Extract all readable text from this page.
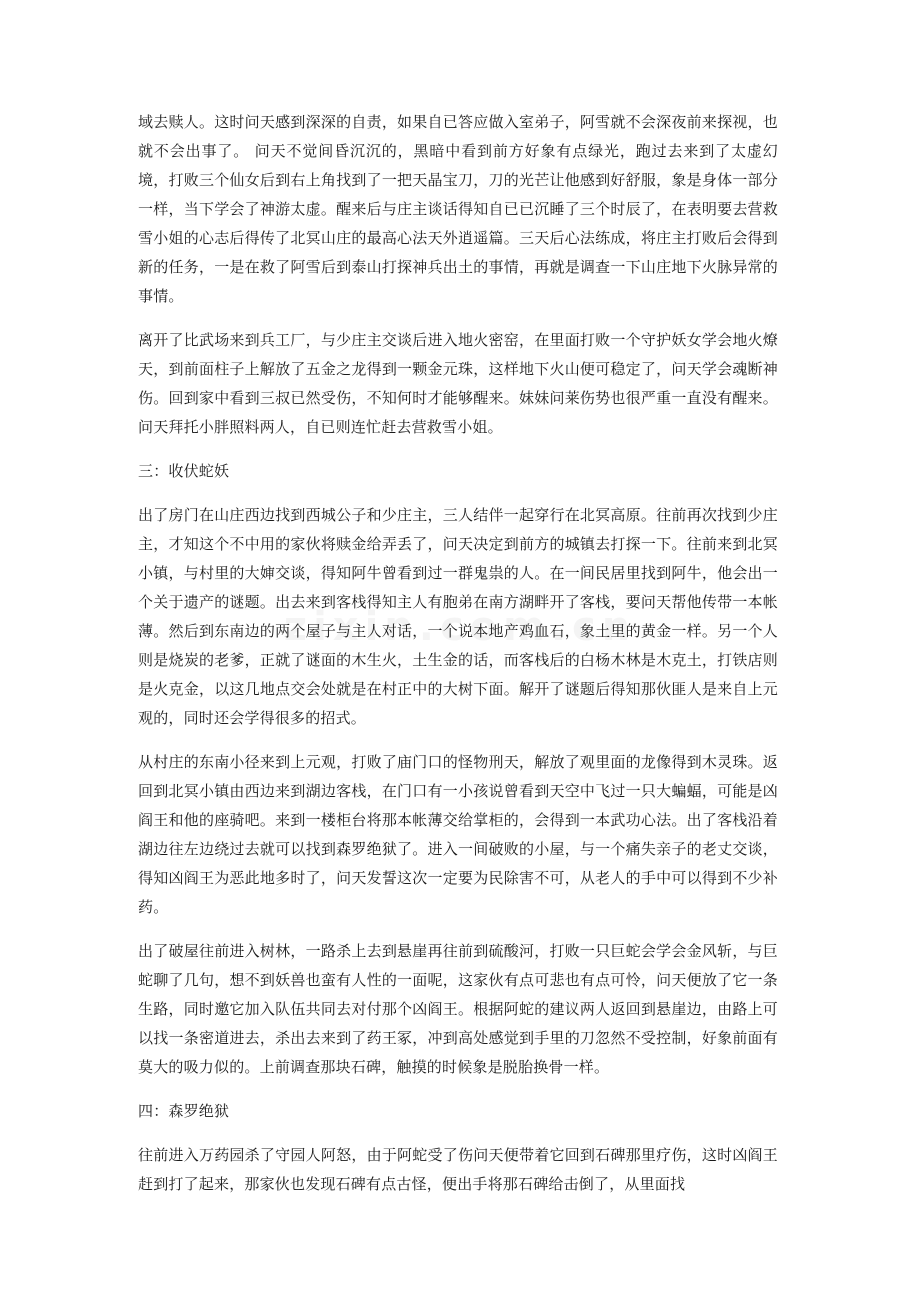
域去赎人。这时问天感到深深的自责，如果自已答应做入室弟子，阿雪就不会深夜前来探视，也就不会出事了。 问天不觉间昏沉沉的，黑暗中看到前方好象有点绿光，跑过去来到了太虚幻境，打败三个仙女后到右上角找到了一把天晶宝刀，刀的光芒让他感到好舒服，象是身体一部分一样，当下学会了神游太虚。醒来后与庄主谈话得知自已已沉睡了三个时辰了，在表明要去营救雪小姐的心志后得传了北冥山庄的最高心法天外逍遥篇。三天后心法练成，将庄主打败后会得到新的任务，一是在救了阿雪后到泰山打探神兵出土的事情，再就是调查一下山庄地下火脉异常的事情。

离开了比武场来到兵工厂，与少庄主交谈后进入地火密窑，在里面打败一个守护妖女学会地火燎天，到前面柱子上解放了五金之龙得到一颗金元珠，这样地下火山便可稳定了，问天学会魂断神伤。回到家中看到三叔已然受伤，不知何时才能够醒来。妹妹问莱伤势也很严重一直没有醒来。问天拜托小胖照料两人，自已则连忙赶去营救雪小姐。

三：收伏蛇妖

出了房门在山庄西边找到西城公子和少庄主，三人结伴一起穿行在北冥高原。往前再次找到少庄主，才知这个不中用的家伙将赎金给弄丢了，问天决定到前方的城镇去打探一下。往前来到北冥小镇，与村里的大婶交谈，得知阿牛曾看到过一群鬼祟的人。在一间民居里找到阿牛，他会出一个关于遗产的谜题。出去来到客栈得知主人有胞弟在南方湖畔开了客栈，要问天帮他传带一本帐薄。然后到东南边的两个屋子与主人对话，一个说本地产鸡血石，象土里的黄金一样。另一个人则是烧炭的老爹，正就了谜面的木生火，土生金的话，而客栈后的白杨木林是木克土，打铁店则是火克金，以这几地点交会处就是在村正中的大树下面。解开了谜题后得知那伙匪人是来自上元观的，同时还会学得很多的招式。

从村庄的东南小径来到上元观，打败了庙门口的怪物刑天，解放了观里面的龙像得到木灵珠。返回到北冥小镇由西边来到湖边客栈，在门口有一小孩说曾看到天空中飞过一只大蝙蝠，可能是凶阎王和他的座骑吧。来到一楼柜台将那本帐薄交给掌柜的，会得到一本武功心法。出了客栈沿着湖边往左边绕过去就可以找到森罗绝狱了。进入一间破败的小屋，与一个痛失亲子的老丈交谈，得知凶阎王为恶此地多时了，问天发誓这次一定要为民除害不可，从老人的手中可以得到不少补药。

出了破屋往前进入树林，一路杀上去到悬崖再往前到硫酸河，打败一只巨蛇会学会金风斩，与巨蛇聊了几句，想不到妖兽也蛮有人性的一面呢，这家伙有点可悲也有点可怜，问天便放了它一条生路，同时邀它加入队伍共同去对付那个凶阎王。根据阿蛇的建议两人返回到悬崖边，由路上可以找一条密道进去，杀出去来到了药王冢，冲到高处感觉到手里的刀忽然不受控制，好象前面有莫大的吸力似的。上前调查那块石碑，触摸的时候象是脱胎换骨一样。

四：森罗绝狱

往前进入万药园杀了守园人阿怒，由于阿蛇受了伤问天便带着它回到石碑那里疗伤，这时凶阎王赶到打了起来，那家伙也发现石碑有点古怪，便出手将那石碑给击倒了，从里面找
